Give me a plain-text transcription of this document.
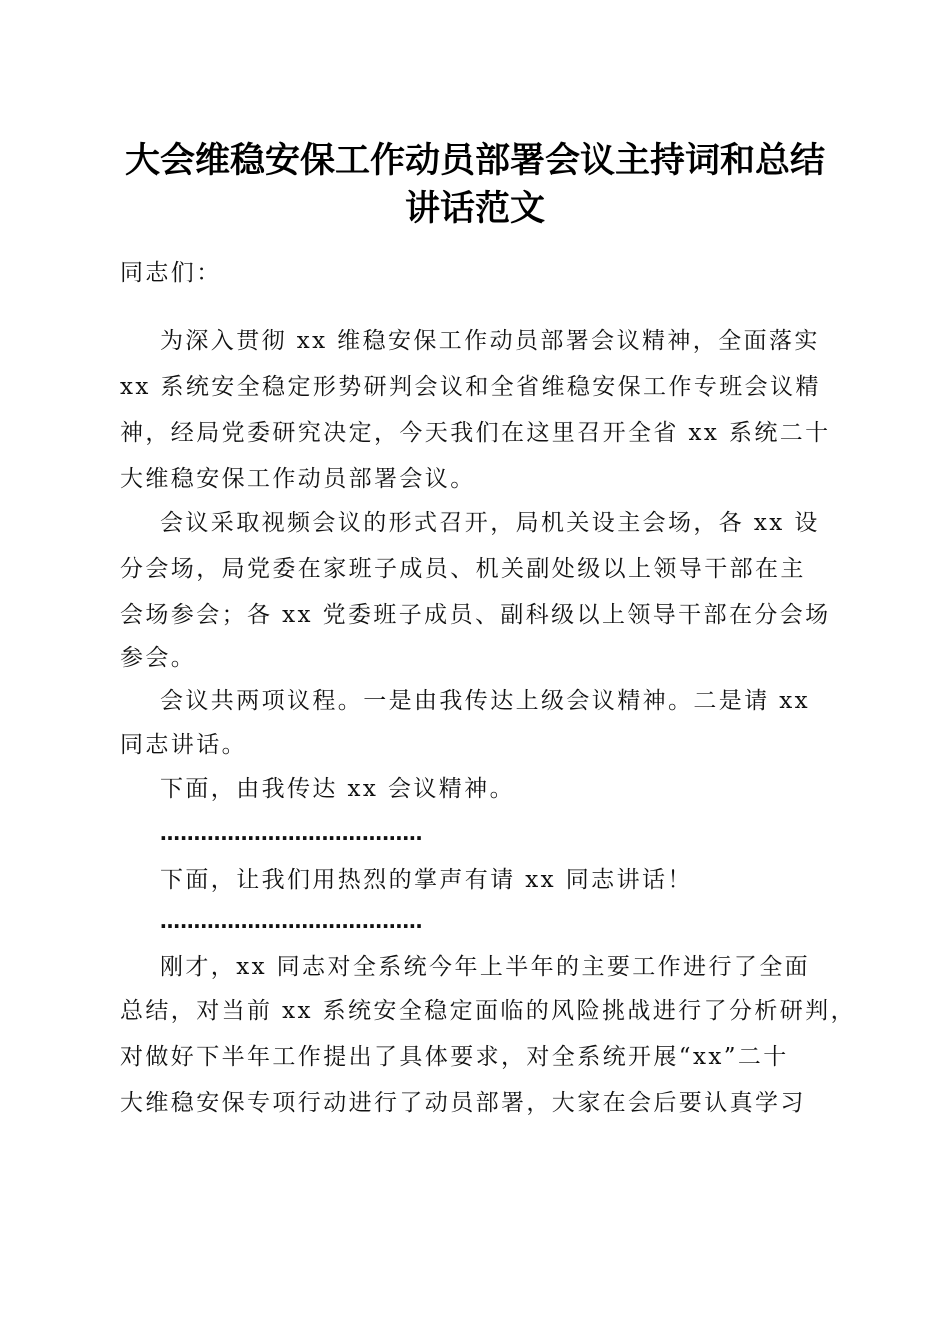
大会维稳安保工作动员部署会议主持词和总结
讲话范文
同志们：
为深入贯彻 xx 维稳安保工作动员部署会议精神，全面落实
xx 系统安全稳定形势研判会议和全省维稳安保工作专班会议精
神，经局党委研究决定，今天我们在这里召开全省 xx 系统二十
大维稳安保工作动员部署会议。
会议采取视频会议的形式召开，局机关设主会场，各 xx 设
分会场，局党委在家班子成员、机关副处级以上领导干部在主
会场参会；各 xx 党委班子成员、副科级以上领导干部在分会场
参会。
会议共两项议程。一是由我传达上级会议精神。二是请 xx
同志讲话。
下面，由我传达 xx 会议精神。
…………………………………
下面，让我们用热烈的掌声有请 xx 同志讲话！
…………………………………
刚才，xx 同志对全系统今年上半年的主要工作进行了全面
总结，对当前 xx 系统安全稳定面临的风险挑战进行了分析研判，
对做好下半年工作提出了具体要求，对全系统开展“xx”二十
大维稳安保专项行动进行了动员部署，大家在会后要认真学习
